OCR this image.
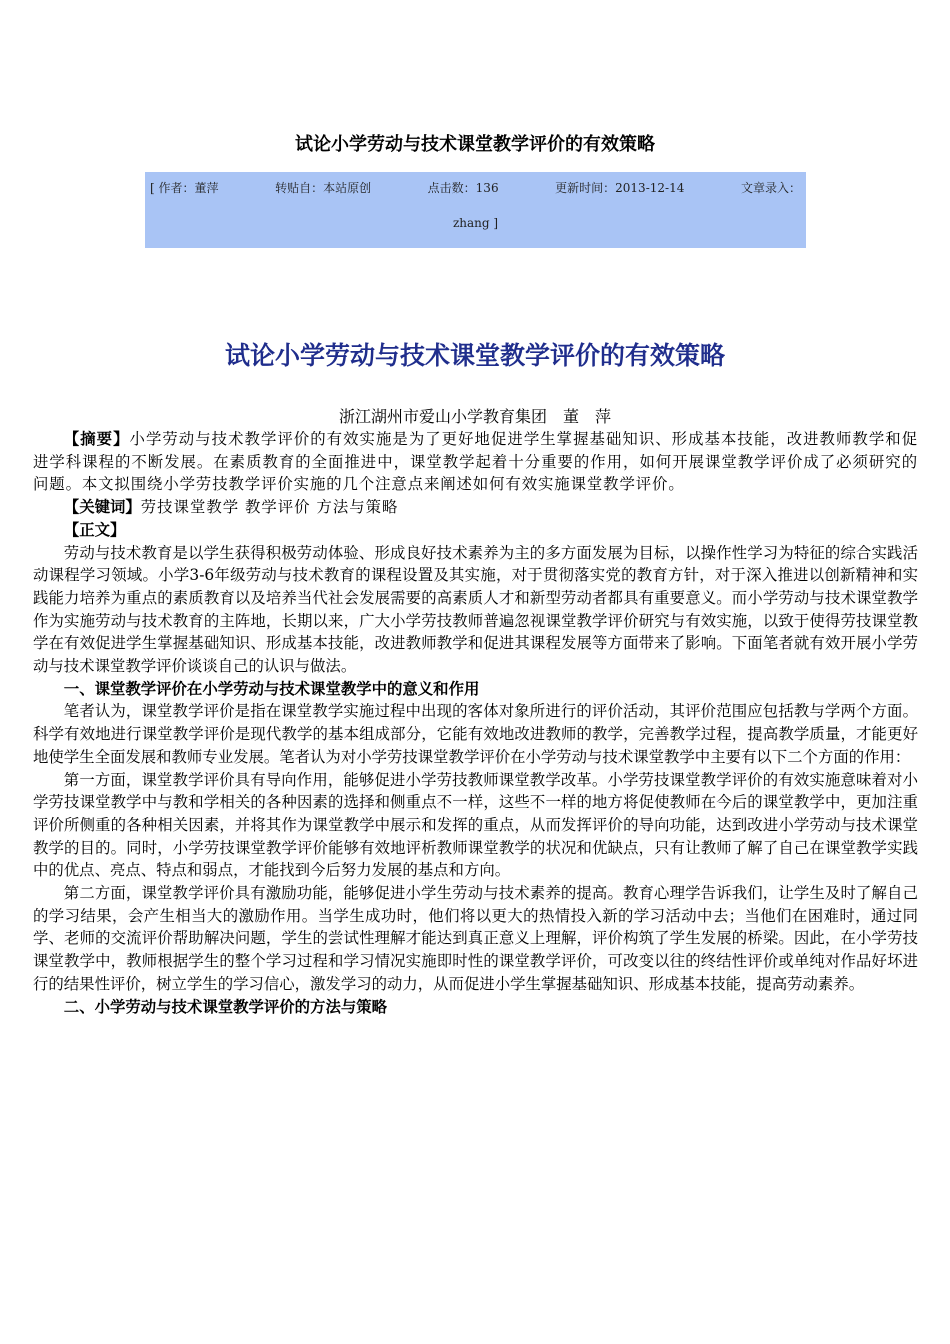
试论小学劳动与技术课堂教学评价的有效策略
[ 作者：董萍	转贴自：本站原创	点击数：136	更新时间：2013-12-14	文章录入：
zhang ]
试论小学劳动与技术课堂教学评价的有效策略
浙江湖州市爱山小学教育集团　董　萍

【摘要】小学劳动与技术教学评价的有效实施是为了更好地促进学生掌握基础知识、形成基本技能，改进教师教学和促进学科课程的不断发展。在素质教育的全面推进中，课堂教学起着十分重要的作用，如何开展课堂教学评价成了必须研究的问题。本文拟围绕小学劳技教学评价实施的几个注意点来阐述如何有效实施课堂教学评价。

【关键词】劳技课堂教学 教学评价 方法与策略

【正文】

劳动与技术教育是以学生获得积极劳动体验、形成良好技术素养为主的多方面发展为目标，以操作性学习为特征的综合实践活动课程学习领域。小学3-6年级劳动与技术教育的课程设置及其实施，对于贯彻落实党的教育方针，对于深入推进以创新精神和实践能力培养为重点的素质教育以及培养当代社会发展需要的高素质人才和新型劳动者都具有重要意义。而小学劳动与技术课堂教学作为实施劳动与技术教育的主阵地，长期以来，广大小学劳技教师普遍忽视课堂教学评价研究与有效实施，以致于使得劳技课堂教学在有效促进学生掌握基础知识、形成基本技能，改进教师教学和促进其课程发展等方面带来了影响。下面笔者就有效开展小学劳动与技术课堂教学评价谈谈自己的认识与做法。

一、课堂教学评价在小学劳动与技术课堂教学中的意义和作用

笔者认为，课堂教学评价是指在课堂教学实施过程中出现的客体对象所进行的评价活动，其评价范围应包括教与学两个方面。科学有效地进行课堂教学评价是现代教学的基本组成部分，它能有效地改进教师的教学，完善教学过程，提高教学质量，才能更好地使学生全面发展和教师专业发展。笔者认为对小学劳技课堂教学评价在小学劳动与技术课堂教学中主要有以下二个方面的作用：

第一方面，课堂教学评价具有导向作用，能够促进小学劳技教师课堂教学改革。小学劳技课堂教学评价的有效实施意味着对小学劳技课堂教学中与教和学相关的各种因素的选择和侧重点不一样，这些不一样的地方将促使教师在今后的课堂教学中，更加注重评价所侧重的各种相关因素，并将其作为课堂教学中展示和发挥的重点，从而发挥评价的导向功能，达到改进小学劳动与技术课堂教学的目的。同时，小学劳技课堂教学评价能够有效地评析教师课堂教学的状况和优缺点，只有让教师了解了自己在课堂教学实践中的优点、亮点、特点和弱点，才能找到今后努力发展的基点和方向。

第二方面，课堂教学评价具有激励功能，能够促进小学生劳动与技术素养的提高。教育心理学告诉我们，让学生及时了解自己的学习结果，会产生相当大的激励作用。当学生成功时，他们将以更大的热情投入新的学习活动中去；当他们在困难时，通过同学、老师的交流评价帮助解决问题，学生的尝试性理解才能达到真正意义上理解，评价构筑了学生发展的桥梁。因此，在小学劳技课堂教学中，教师根据学生的整个学习过程和学习情况实施即时性的课堂教学评价，可改变以往的终结性评价或单纯对作品好坏进行的结果性评价，树立学生的学习信心，激发学习的动力，从而促进小学生掌握基础知识、形成基本技能，提高劳动素养。

二、小学劳动与技术课堂教学评价的方法与策略
